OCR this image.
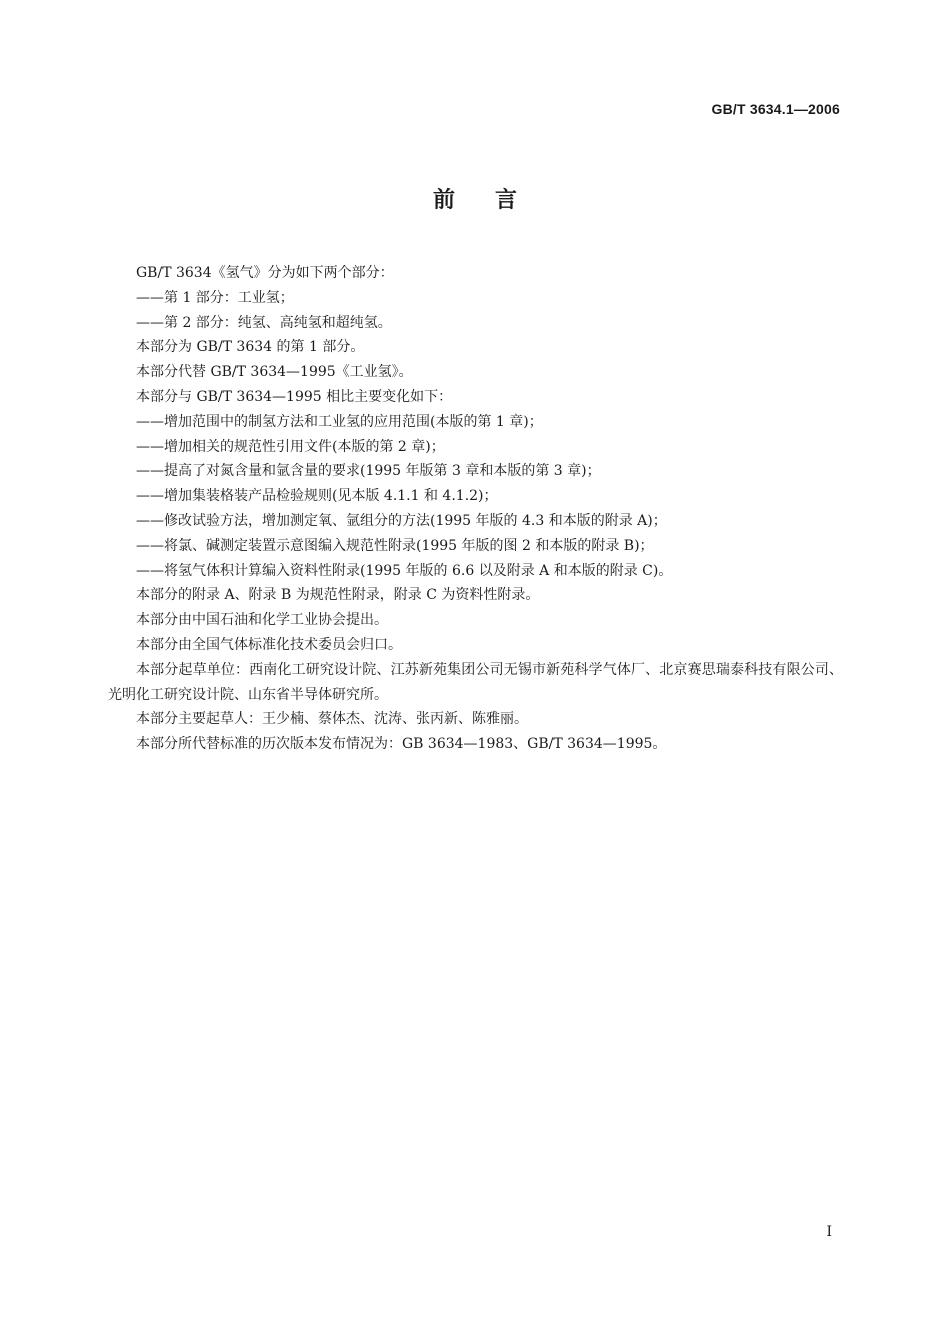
GB/T 3634.1—2006
前言

GB/T 3634《氢气》分为如下两个部分：

——第 1 部分：工业氢；

——第 2 部分：纯氢、高纯氢和超纯氢。

本部分为 GB/T 3634 的第 1 部分。

本部分代替 GB/T 3634—1995《工业氢》。

本部分与 GB/T 3634—1995 相比主要变化如下：

——增加范围中的制氢方法和工业氢的应用范围(本版的第 1 章)；

——增加相关的规范性引用文件(本版的第 2 章)；

——提高了对氮含量和氩含量的要求(1995 年版第 3 章和本版的第 3 章)；

——增加集装格装产品检验规则(见本版 4.1.1 和 4.1.2)；

——修改试验方法，增加测定氧、氩组分的方法(1995 年版的 4.3 和本版的附录 A)；

——将氯、碱测定装置示意图编入规范性附录(1995 年版的图 2 和本版的附录 B)；

——将氢气体积计算编入资料性附录(1995 年版的 6.6 以及附录 A 和本版的附录 C)。

本部分的附录 A、附录 B 为规范性附录，附录 C 为资料性附录。

本部分由中国石油和化学工业协会提出。

本部分由全国气体标准化技术委员会归口。

本部分起草单位：西南化工研究设计院、江苏新苑集团公司无锡市新苑科学气体厂、北京赛思瑞泰科技有限公司、光明化工研究设计院、山东省半导体研究所。

本部分主要起草人：王少楠、蔡体杰、沈涛、张丙新、陈雅丽。

本部分所代替标准的历次版本发布情况为：GB 3634—1983、GB/T 3634—1995。

I
